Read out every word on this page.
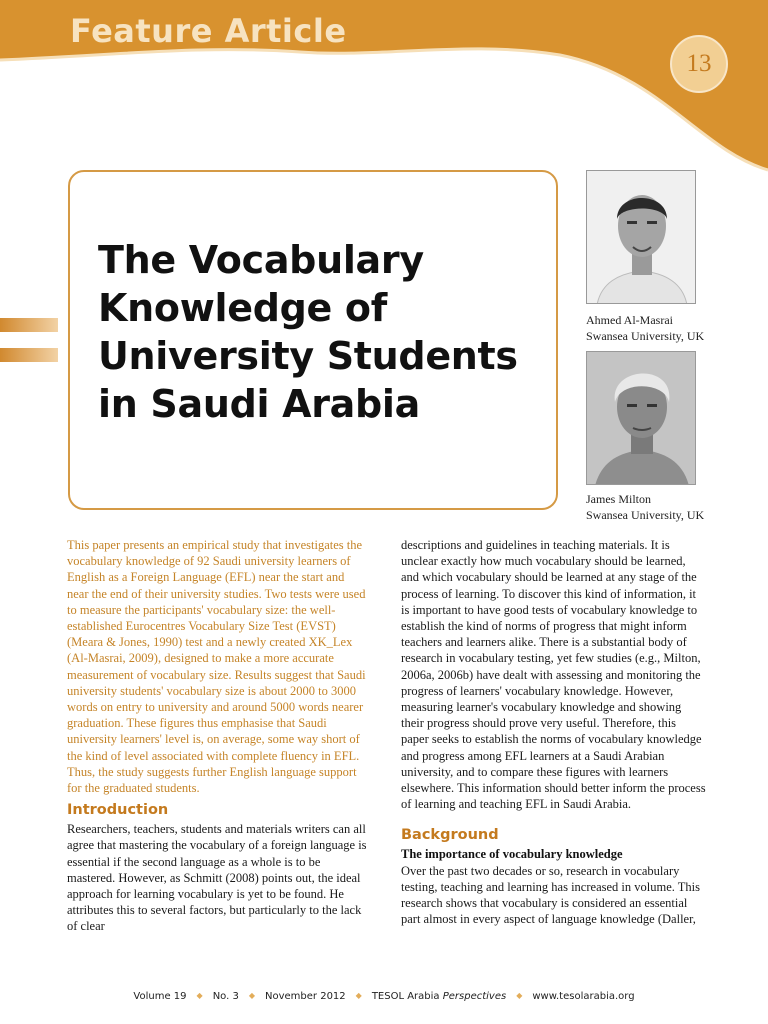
Feature Article
13
The Vocabulary
Knowledge of
University Students
in Saudi Arabia
Ahmed Al-Masrai
Swansea University, UK
James Milton
Swansea University, UK

This paper presents an empirical study that investigates the vocabulary knowledge of 92 Saudi university learners of English as a Foreign Language (EFL) near the start and near the end of their university studies. Two tests were used to measure the participants' vocabulary size: the well-established Eurocentres Vocabulary Size Test (EVST) (Meara & Jones, 1990) test and a newly created XK_Lex (Al-Masrai, 2009), designed to make a more accurate measurement of vocabulary size. Results suggest that Saudi university students' vocabulary size is about 2000 to 3000 words on entry to university and around 5000 words nearer graduation. These figures thus emphasise that Saudi university learners' level is, on average, some way short of the kind of level associated with complete fluency in EFL. Thus, the study suggests further English language support for the graduated students.

Introduction

Researchers, teachers, students and materials writers can all agree that mastering the vocabulary of a foreign language is essential if the second language as a whole is to be mastered. However, as Schmitt (2008) points out, the ideal approach for learning vocabulary is yet to be found. He attributes this to several factors, but particularly to the lack of clear

descriptions and guidelines in teaching materials. It is unclear exactly how much vocabulary should be learned, and which vocabulary should be learned at any stage of the process of learning. To discover this kind of information, it is important to have good tests of vocabulary knowledge to establish the kind of norms of progress that might inform teachers and learners alike. There is a substantial body of research in vocabulary testing, yet few studies (e.g., Milton, 2006a, 2006b) have dealt with assessing and monitoring the progress of learners' vocabulary knowledge. However, measuring learner's vocabulary knowledge and showing their progress should prove very useful. Therefore, this paper seeks to establish the norms of vocabulary knowledge and progress among EFL learners at a Saudi Arabian university, and to compare these figures with learners elsewhere. This information should better inform the process of learning and teaching EFL in Saudi Arabia.

Background

The importance of vocabulary knowledge

Over the past two decades or so, research in vocabulary testing, teaching and learning has increased in volume. This research shows that vocabulary is considered an essential part almost in every aspect of language knowledge (Daller,

Volume 19 ◆ No. 3 ◆ November 2012 ◆ TESOL Arabia Perspectives ◆ www.tesolarabia.org
